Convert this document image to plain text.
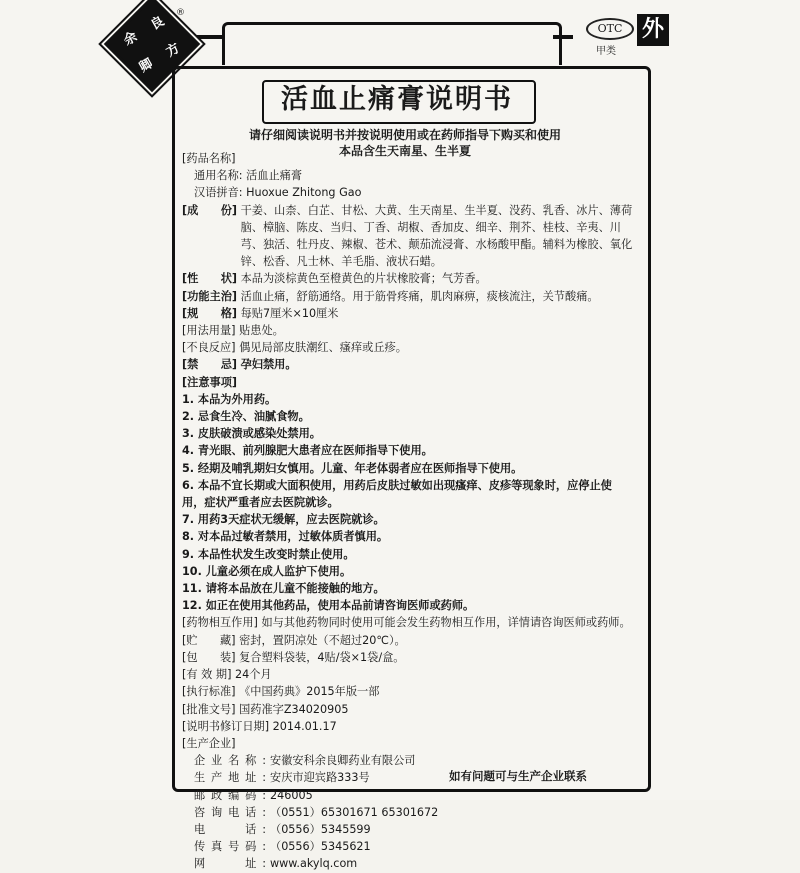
余
良
卿
方
®
OTC
甲类
外
活血止痛膏说明书
请仔细阅读说明书并按说明使用或在药师指导下购买和使用
本品含生天南星、生半夏
[ 药品名称 ]
通用名称:
活血止痛膏
汉语拼音:
Huoxue Zhitong Gao
[ 成　　份 ]
干姜、山柰、白芷、甘松、大黄、生天南星、生半夏、没药、乳香、冰片、薄荷脑、樟脑、陈皮、当归、丁香、胡椒、香加皮、细辛、荆芥、桂枝、辛夷、川芎、独活、牡丹皮、辣椒、苍术、颠茄流浸膏、水杨酸甲酯。辅料为橡胶、氧化锌、松香、凡士林、羊毛脂、液状石蜡。
[ 性　　状 ]
本品为淡棕黄色至橙黄色的片状橡胶膏；气芳香。
[ 功能主治 ]
活血止痛，舒筋通络。用于筋骨疼痛，肌肉麻痹，痰核流注，关节酸痛。
[ 规　　格 ]
每贴7厘米×10厘米
[ 用法用量 ]
贴患处。
[ 不良反应 ]
偶见局部皮肤潮红、瘙痒或丘疹。
[ 禁　　忌 ]
孕妇禁用。
[ 注意事项 ]
1. 本品为外用药。
2. 忌食生冷、油腻食物。
3. 皮肤破溃或感染处禁用。
4. 青光眼、前列腺肥大患者应在医师指导下使用。
5. 经期及哺乳期妇女慎用。儿童、年老体弱者应在医师指导下使用。
6. 本品不宜长期或大面积使用，用药后皮肤过敏如出现瘙痒、皮疹等现象时，应停止使用，症状严重者应去医院就诊。
7. 用药3天症状无缓解，应去医院就诊。
8. 对本品过敏者禁用，过敏体质者慎用。
9. 本品性状发生改变时禁止使用。
10. 儿童必须在成人监护下使用。
11. 请将本品放在儿童不能接触的地方。
12. 如正在使用其他药品，使用本品前请咨询医师或药师。
[ 药物相互作用 ]
如与其他药物同时使用可能会发生药物相互作用，详情请咨询医师或药师。
[ 贮　　藏 ]
密封，置阴凉处（不超过20℃）。
[ 包　　装 ]
复合塑料袋装，4贴/袋×1袋/盒。
[ 有 效 期 ]
24个月
[ 执行标准 ]
《中国药典》2015年版一部
[ 批准文号 ]
国药准字Z34020905
[ 说明书修订日期 ]
2014.01.17
[ 生产企业 ]
企业名称: 安徽安科余良卿药业有限公司
生产地址: 安庆市迎宾路333号
邮政编码: 246005
咨询电话: （0551）65301671 65301672
电　　话: （0556）5345599
传真号码: （0556）5345621
网　　址: www.akylq.com
如有问题可与生产企业联系
